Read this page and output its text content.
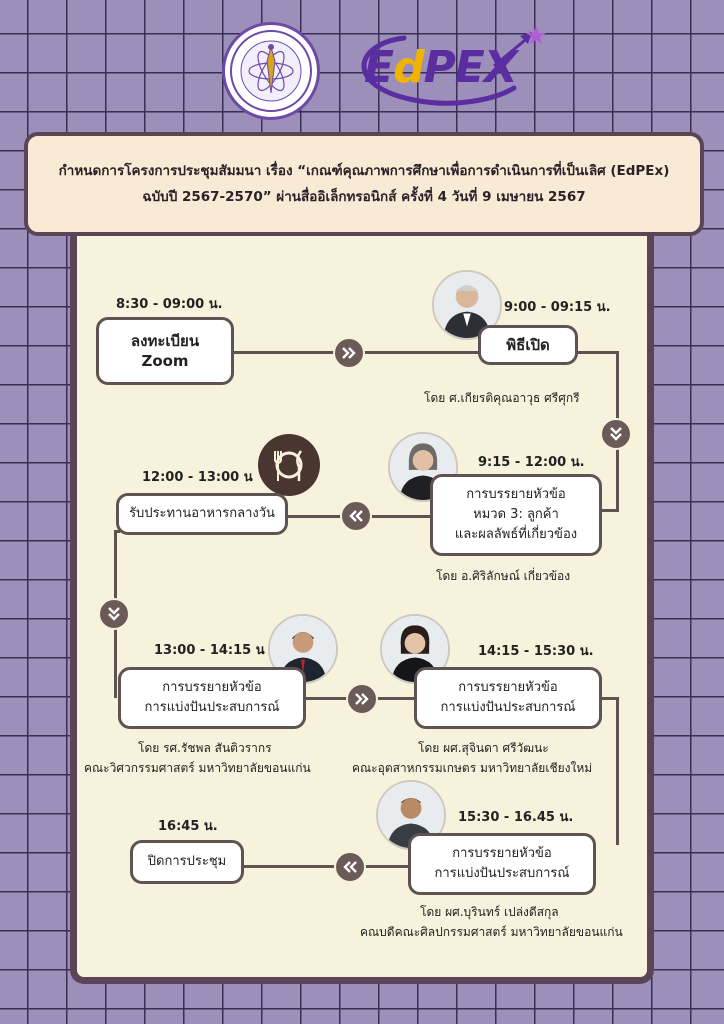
EdPEX
กำหนดการโครงการประชุมสัมมนา เรื่อง “เกณฑ์คุณภาพการศึกษาเพื่อการดำเนินการที่เป็นเลิศ (EdPEx)
ฉบับปี 2567-2570” ผ่านสื่ออิเล็กทรอนิกส์ ครั้งที่ 4 วันที่ 9 เมษายน 2567
8:30 - 09:00 น.
ลงทะเบียน
Zoom
9:00 - 09:15 น.
พิธีเปิด
โดย ศ.เกียรติคุณอาวุธ ศรีศุกรี
9:15 - 12:00 น.
การบรรยายหัวข้อ
หมวด 3: ลูกค้า
และผลลัพธ์ที่เกี่ยวข้อง
โดย อ.ศิริลักษณ์ เกี่ยวข้อง
12:00 - 13:00 น
รับประทานอาหารกลางวัน
13:00 - 14:15 น
การบรรยายหัวข้อ
การแบ่งปันประสบการณ์
โดย รศ.รัชพล สันติวรากร
คณะวิศวกรรมศาสตร์ มหาวิทยาลัยขอนแก่น
14:15 - 15:30 น.
การบรรยายหัวข้อ
การแบ่งปันประสบการณ์
โดย ผศ.สุจินดา ศรีวัฒนะ
คณะอุตสาหกรรมเกษตร มหาวิทยาลัยเชียงใหม่
15:30 - 16.45 น.
การบรรยายหัวข้อ
การแบ่งปันประสบการณ์
โดย ผศ.บุรินทร์ เปล่งดีสกุล
คณบดีคณะศิลปกรรมศาสตร์ มหาวิทยาลัยขอนแก่น
16:45 น.
ปิดการประชุม
